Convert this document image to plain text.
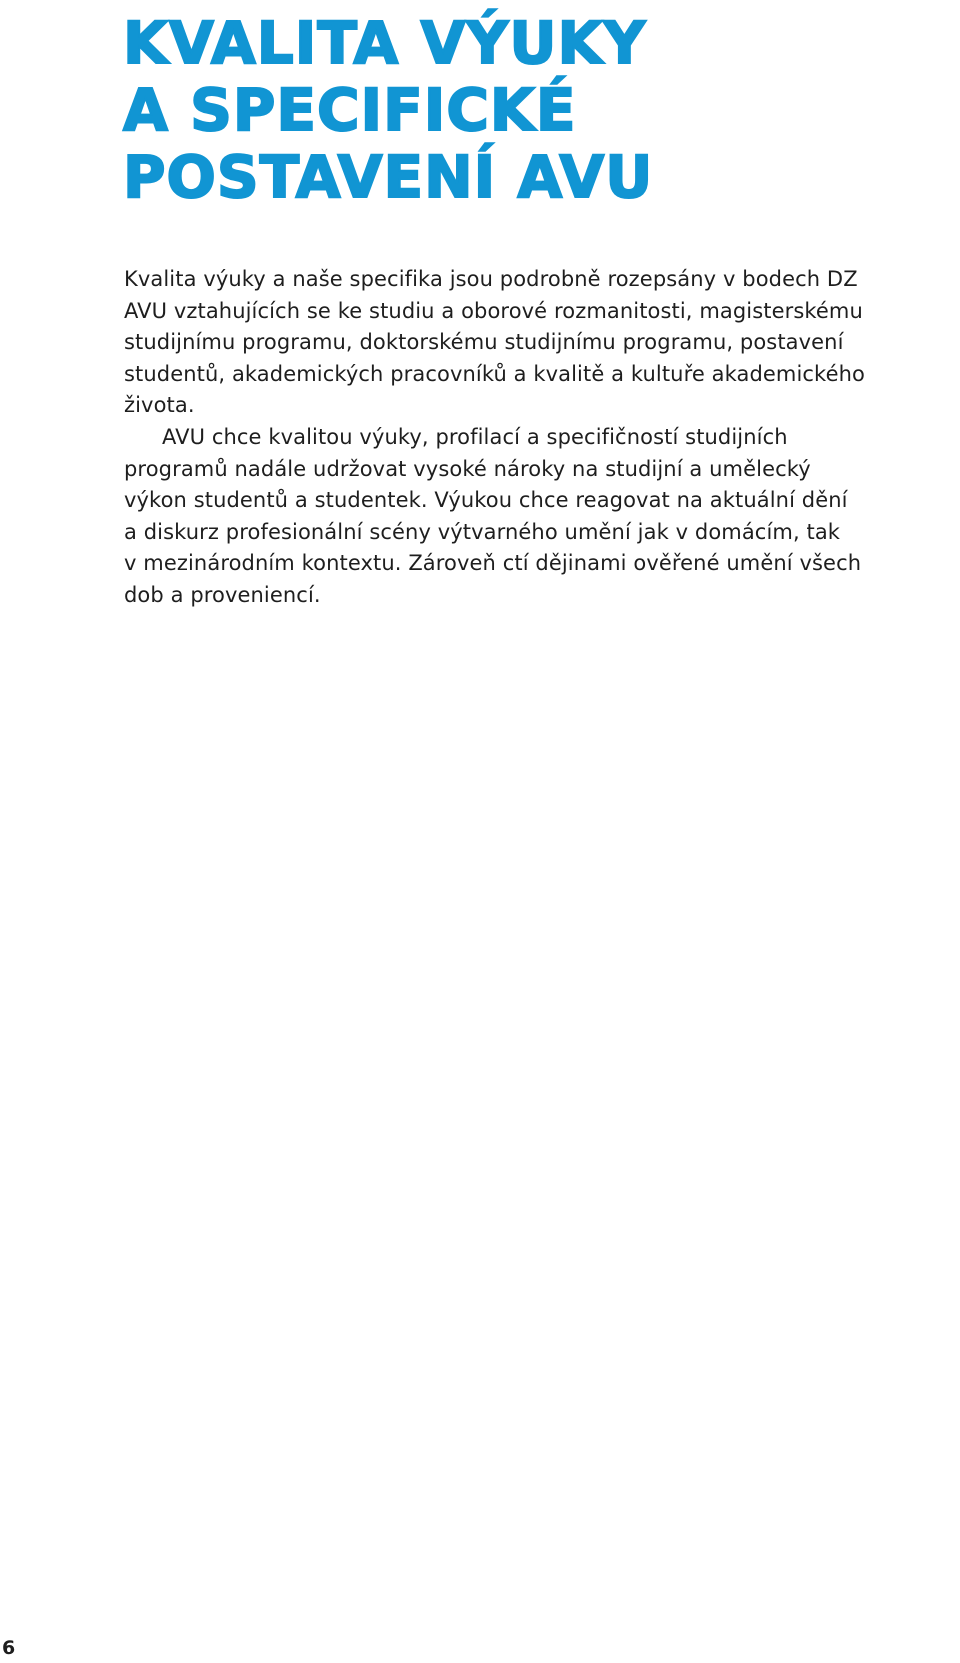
KVALITA VÝUKY
A SPECIFICKÉ
POSTAVENÍ AVU
Kvalita výuky a naše specifika jsou podrobně rozepsány v bodech DZ
AVU vztahujících se ke studiu a oborové rozmanitosti, magisterskému
studijnímu programu, doktorskému studijnímu programu, postavení
studentů, akademických pracovníků a kvalitě a kultuře akademického
života.
AVU chce kvalitou výuky, profilací a specifičností studijních
programů nadále udržovat vysoké nároky na studijní a umělecký
výkon studentů a studentek. Výukou chce reagovat na aktuální dění
a diskurz profesionální scény výtvarného umění jak v domácím, tak
v mezinárodním kontextu. Zároveň ctí dějinami ověřené umění všech
dob a proveniencí.
6
